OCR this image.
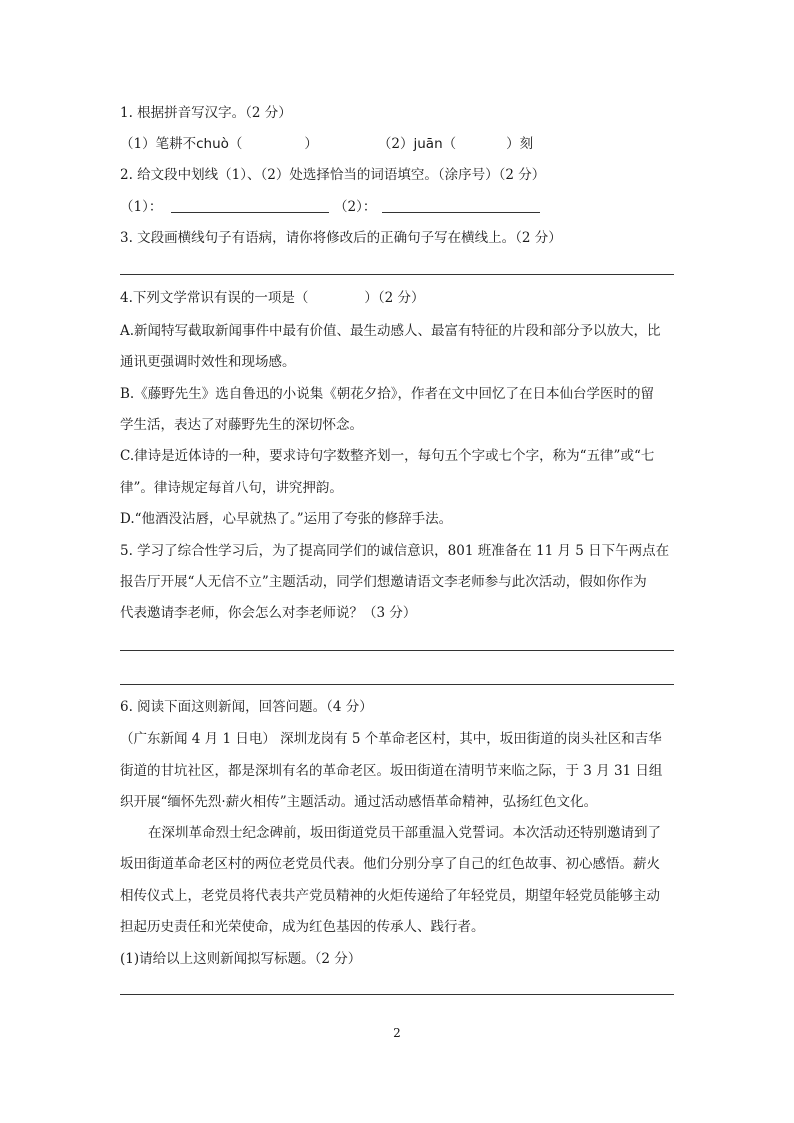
1. 根据拼音写汉字。（2 分）
（1）笔耕不chuò（	）	（2）juān（	）刻
2. 给文段中划线（1）、（2）处选择恰当的词语填空。（涂序号）（2 分）
（1）：	（2）：
3. 文段画横线句子有语病，请你将修改后的正确句子写在横线上。（2 分）
4.下列文学常识有误的一项是（	）（2 分）
A.新闻特写截取新闻事件中最有价值、最生动感人、最富有特征的片段和部分予以放大，比
通讯更强调时效性和现场感。
B.《藤野先生》选自鲁迅的小说集《朝花夕拾》，作者在文中回忆了在日本仙台学医时的留
学生活，表达了对藤野先生的深切怀念。
C.律诗是近体诗的一种，要求诗句字数整齐划一，每句五个字或七个字，称为“五律”或“七
律”。律诗规定每首八句，讲究押韵。
D.“他酒没沾唇，心早就热了。”运用了夸张的修辞手法。
5. 学习了综合性学习后，为了提高同学们的诚信意识，801 班准备在 11 月 5 日下午两点在
报告厅开展“人无信不立”主题活动，同学们想邀请语文李老师参与此次活动，假如你作为
代表邀请李老师，你会怎么对李老师说？（3 分）
6. 阅读下面这则新闻，回答问题。（4 分）
（广东新闻 4 月 1 日电） 深圳龙岗有 5 个革命老区村，其中，坂田街道的岗头社区和吉华
街道的甘坑社区，都是深圳有名的革命老区。坂田街道在清明节来临之际，于 3 月 31 日组
织开展“缅怀先烈·薪火相传”主题活动。通过活动感悟革命精神，弘扬红色文化。
在深圳革命烈士纪念碑前，坂田街道党员干部重温入党誓词。本次活动还特别邀请到了
坂田街道革命老区村的两位老党员代表。他们分别分享了自己的红色故事、初心感悟。薪火
相传仪式上，老党员将代表共产党员精神的火炬传递给了年轻党员，期望年轻党员能够主动
担起历史责任和光荣使命，成为红色基因的传承人、践行者。
(1)请给以上这则新闻拟写标题。（2 分）
2
